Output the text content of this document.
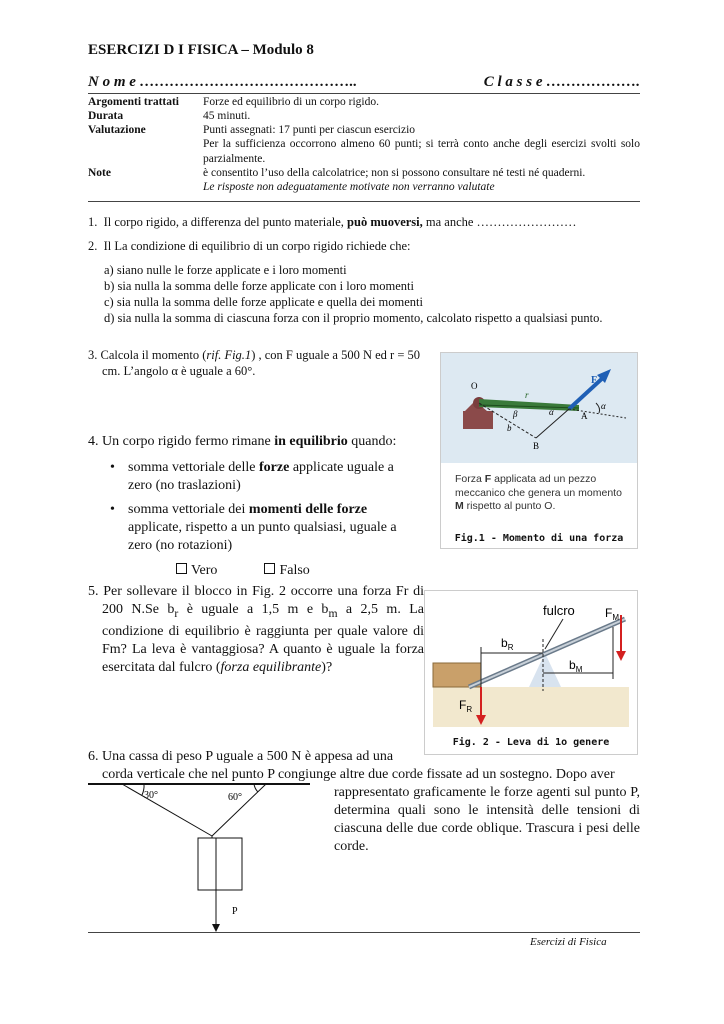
ESERCIZI D I FISICA – Modulo 8
N o m e ……………………………………..	C l a s s e ……………….
Argomenti trattati Forze ed equilibrio di un corpo rigido.
Durata	45 minuti.
Valutazione	Punti assegnati: 17 punti per ciascun esercizio
Per la sufficienza occorrono almeno 60 punti; si terrà conto anche degli esercizi svolti solo parzialmente.
Note	è consentito l’uso della calcolatrice; non si possono consultare né testi né quaderni.
Le risposte non adeguatamente motivate non verranno valutate
1. Il corpo rigido, a differenza del punto materiale, può muoversi, ma anche ……………………
2. Il La condizione di equilibrio di un corpo rigido richiede che:
a) siano nulle le forze applicate e i loro momenti
b) sia nulla la somma delle forze applicate con i loro momenti
c) sia nulla la somma delle forze applicate e quella dei momenti
d) sia nulla la somma di ciascuna forza con il proprio momento, calcolato rispetto a qualsiasi punto.
3. Calcola il momento (rif. Fig.1) , con F uguale a 500 N ed r = 50 cm. L’angolo α è uguale a 60°.
O
r
F
A
B
α
β
b
α
Forza F applicata ad un pezzo meccanico che genera un momento M rispetto al punto O.
Fig.1 - Momento di una forza
4. Un corpo rigido fermo rimane in equilibrio quando:
• somma vettoriale delle forze applicate uguale a zero (no traslazioni)
• somma vettoriale dei momenti delle forze applicate, rispetto a un punto qualsiasi, uguale a zero (no rotazioni)
Vero	Falso
5. Per sollevare il blocco in Fig. 2 occorre una forza Fr di 200 N.Se $b_r$ è uguale a 1,5 m e $b_m$ a 2,5 m. La condizione di equilibrio è raggiunta per quale valore di Fm? La leva è vantaggiosa? A quanto è uguale la forza esercitata dal fulcro (forza equilibrante)?
fulcro
$b_R$
$b_M$
$F_R$
$F_M$
Fig. 2 - Leva di 1o genere
6. Una cassa di peso P uguale a 500 N è appesa ad una
corda verticale che nel punto P congiunge altre due corde fissate ad un sostegno. Dopo aver
rappresentato graficamente le forze agenti sul punto P, determina quali sono le intensità delle tensioni di ciascuna delle due corde oblique. Trascura i pesi delle corde.
30°	60°
P
Esercizi di Fisica
